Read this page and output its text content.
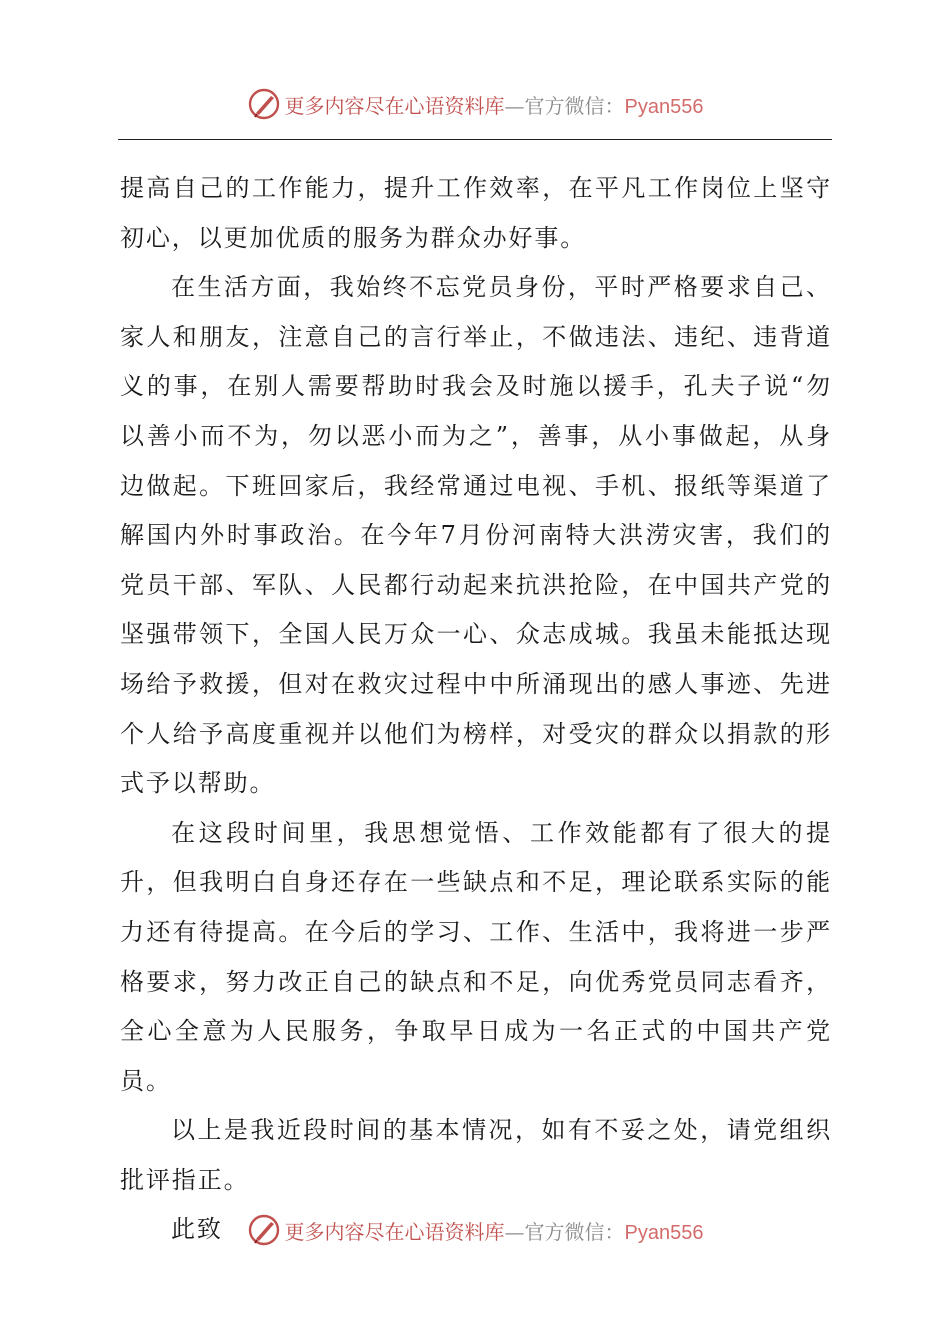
更多内容尽在心语资料库—官方微信：Pyan556

提高自己的工作能力，提升工作效率，在平凡工作岗位上坚守初心，以更加优质的服务为群众办好事。

在生活方面，我始终不忘党员身份，平时严格要求自己、家人和朋友，注意自己的言行举止，不做违法、违纪、违背道义的事，在别人需要帮助时我会及时施以援手，孔夫子说“勿以善小而不为，勿以恶小而为之”，善事，从小事做起，从身边做起。下班回家后，我经常通过电视、手机、报纸等渠道了解国内外时事政治。在今年7月份河南特大洪涝灾害，我们的党员干部、军队、人民都行动起来抗洪抢险，在中国共产党的坚强带领下，全国人民万众一心、众志成城。我虽未能抵达现场给予救援，但对在救灾过程中中所涌现出的感人事迹、先进个人给予高度重视并以他们为榜样，对受灾的群众以捐款的形式予以帮助。

在这段时间里，我思想觉悟、工作效能都有了很大的提升，但我明白自身还存在一些缺点和不足，理论联系实际的能力还有待提高。在今后的学习、工作、生活中，我将进一步严格要求，努力改正自己的缺点和不足，向优秀党员同志看齐，全心全意为人民服务，争取早日成为一名正式的中国共产党员。

以上是我近段时间的基本情况，如有不妥之处，请党组织批评指正。

此致	更多内容尽在心语资料库—官方微信：Pyan556
